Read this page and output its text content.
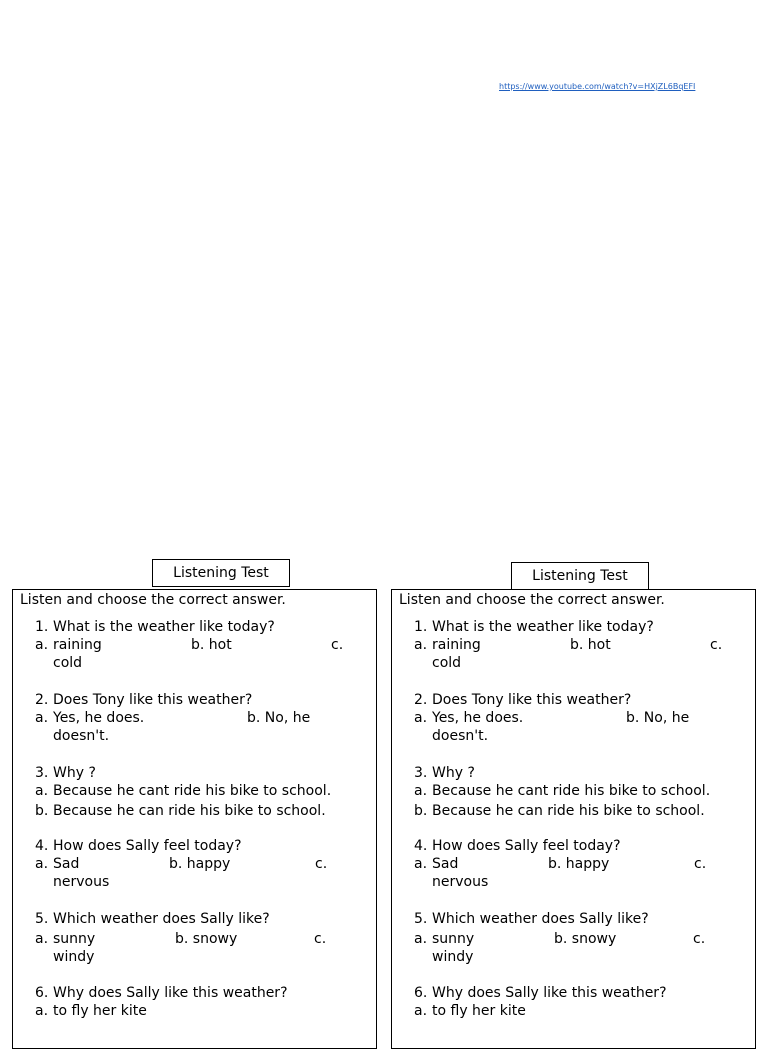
https://www.youtube.com/watch?v=HXjZL6BqEFI
Listening Test
Listen and choose the correct answer.
1. What is the weather like today?
a. raining	b. hot	c.
cold
2. Does Tony like this weather?
a. Yes, he does.	b. No, he
doesn't.
3. Why ?
a. Because he cant ride his bike to school.
b. Because he can ride his bike to school.
4. How does Sally feel today?
a. Sad	b. happy	c.
nervous
5. Which weather does Sally like?
a. sunny	b. snowy	c.
windy
6. Why does Sally like this weather?
a. to fly her kite
Listening Test
Listen and choose the correct answer.
1. What is the weather like today?
a. raining	b. hot	c.
cold
2. Does Tony like this weather?
a. Yes, he does.	b. No, he
doesn't.
3. Why ?
a. Because he cant ride his bike to school.
b. Because he can ride his bike to school.
4. How does Sally feel today?
a. Sad	b. happy	c.
nervous
5. Which weather does Sally like?
a. sunny	b. snowy	c.
windy
6. Why does Sally like this weather?
a. to fly her kite
